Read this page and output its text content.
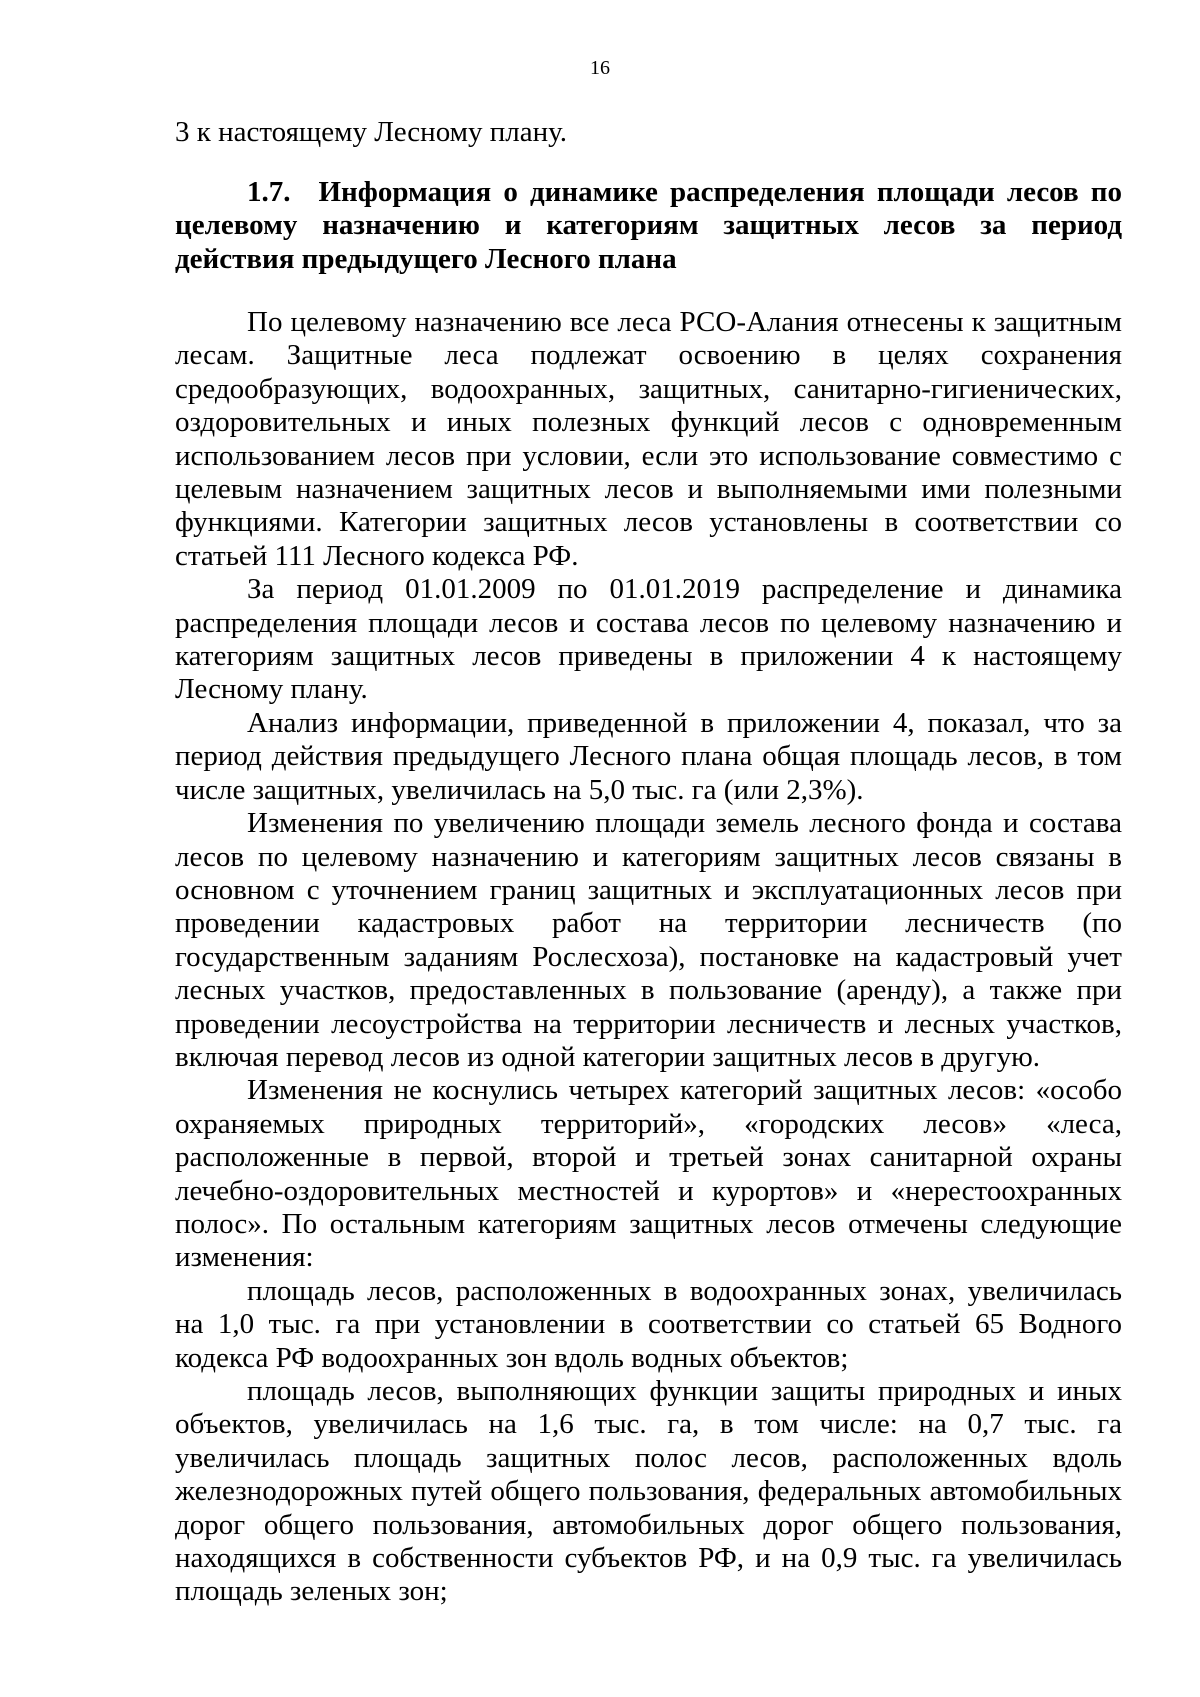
16

3 к настоящему Лесному плану.

1.7. Информация о динамике распределения площади лесов по целевому назначению и категориям защитных лесов за период действия предыдущего Лесного плана

По целевому назначению все леса РСО-Алания отнесены к защитным лесам. Защитные леса подлежат освоению в целях сохранения средообразующих, водоохранных, защитных, санитарно-гигиенических, оздоровительных и иных полезных функций лесов с одновременным использованием лесов при условии, если это использование совместимо с целевым назначением защитных лесов и выполняемыми ими полезными функциями. Категории защитных лесов установлены в соответствии со статьей 111 Лесного кодекса РФ.

За период 01.01.2009 по 01.01.2019 распределение и динамика распределения площади лесов и состава лесов по целевому назначению и категориям защитных лесов приведены в приложении 4 к настоящему Лесному плану.

Анализ информации, приведенной в приложении 4, показал, что за период действия предыдущего Лесного плана общая площадь лесов, в том числе защитных, увеличилась на 5,0 тыс. га (или 2,3%).

Изменения по увеличению площади земель лесного фонда и состава лесов по целевому назначению и категориям защитных лесов связаны в основном с уточнением границ защитных и эксплуатационных лесов при проведении кадастровых работ на территории лесничеств (по государственным заданиям Рослесхоза), постановке на кадастровый учет лесных участков, предоставленных в пользование (аренду), а также при проведении лесоустройства на территории лесничеств и лесных участков, включая перевод лесов из одной категории защитных лесов в другую.

Изменения не коснулись четырех категорий защитных лесов: «особо охраняемых природных территорий», «городских лесов» «леса, расположенные в первой, второй и третьей зонах санитарной охраны лечебно-оздоровительных местностей и курортов» и «нерестоохранных полос». По остальным категориям защитных лесов отмечены следующие изменения:

площадь лесов, расположенных в водоохранных зонах, увеличилась на 1,0 тыс. га при установлении в соответствии со статьей 65 Водного кодекса РФ водоохранных зон вдоль водных объектов;

площадь лесов, выполняющих функции защиты природных и иных объектов, увеличилась на 1,6 тыс. га, в том числе: на 0,7 тыс. га увеличилась площадь защитных полос лесов, расположенных вдоль железнодорожных путей общего пользования, федеральных автомобильных дорог общего пользования, автомобильных дорог общего пользования, находящихся в собственности субъектов РФ, и на 0,9 тыс. га увеличилась площадь зеленых зон;
